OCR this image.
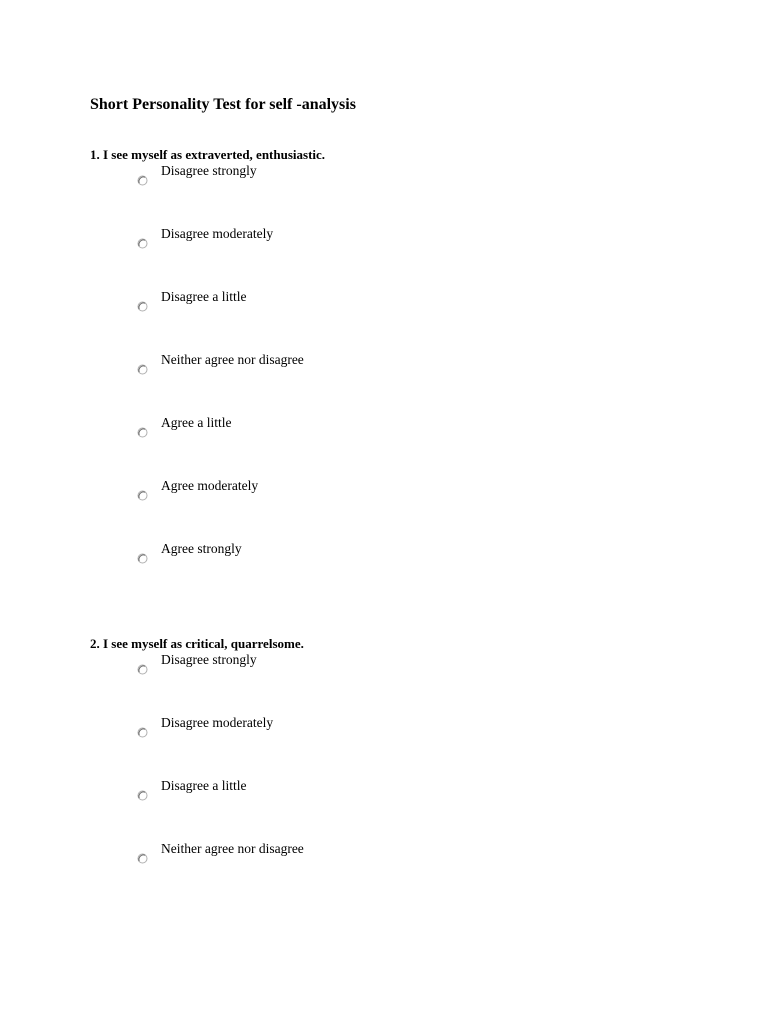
Short Personality Test for self -analysis
1. I see myself as extraverted, enthusiastic.
Disagree strongly
Disagree moderately
Disagree a little
Neither agree nor disagree
Agree a little
Agree moderately
Agree strongly
2. I see myself as critical, quarrelsome.
Disagree strongly
Disagree moderately
Disagree a little
Neither agree nor disagree
